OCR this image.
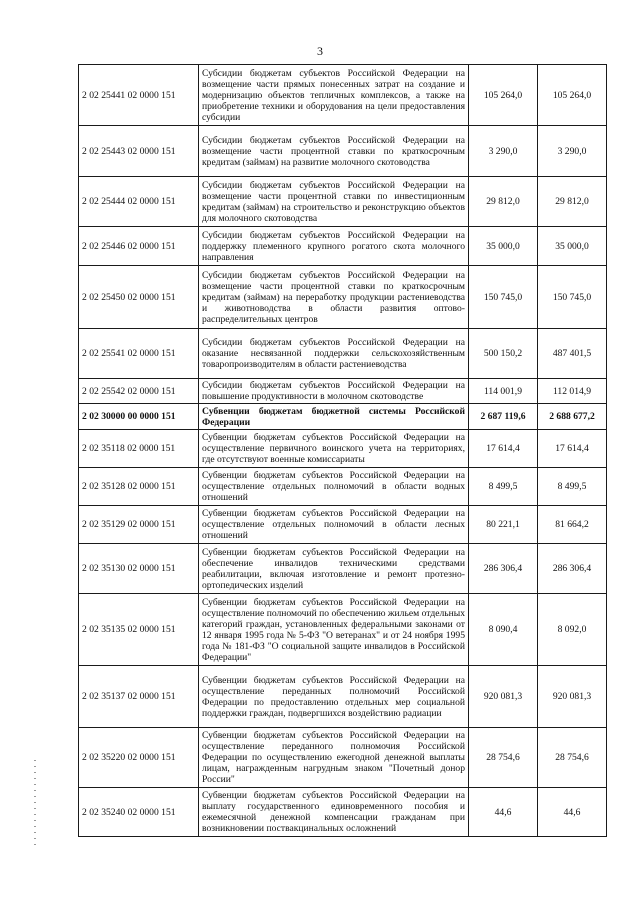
3
2 02 25441 02 0000 151	Субсидии бюджетам субъектов Российской Федерации на возмещение части прямых понесенных затрат на создание и модернизацию объектов тепличных комплексов, а также на приобретение техники и оборудования на цели предоставления субсидии	105 264,0	105 264,0
2 02 25443 02 0000 151	Субсидии бюджетам субъектов Российской Федерации на возмещение части процентной ставки по краткосрочным кредитам (займам) на развитие молочного скотоводства	3 290,0	3 290,0
2 02 25444 02 0000 151	Субсидии бюджетам субъектов Российской Федерации на возмещение части процентной ставки по инвестиционным кредитам (займам) на строительство и реконструкцию объектов для молочного скотоводства	29 812,0	29 812,0
2 02 25446 02 0000 151	Субсидии бюджетам субъектов Российской Федерации на поддержку племенного крупного рогатого скота молочного направления	35 000,0	35 000,0
2 02 25450 02 0000 151	Субсидии бюджетам субъектов Российской Федерации на возмещение части процентной ставки по краткосрочным кредитам (займам) на переработку продукции растениеводства и животноводства в области развития оптово-распределительных центров	150 745,0	150 745,0
2 02 25541 02 0000 151	Субсидии бюджетам субъектов Российской Федерации на оказание несвязанной поддержки сельскохозяйственным товаропроизводителям в области растениеводства	500 150,2	487 401,5
2 02 25542 02 0000 151	Субсидии бюджетам субъектов Российской Федерации на повышение продуктивности в молочном скотоводстве	114 001,9	112 014,9
2 02 30000 00 0000 151	Субвенции бюджетам бюджетной системы Российской Федерации	2 687 119,6	2 688 677,2
2 02 35118 02 0000 151	Субвенции бюджетам субъектов Российской Федерации на осуществление первичного воинского учета на территориях, где отсутствуют военные комиссариаты	17 614,4	17 614,4
2 02 35128 02 0000 151	Субвенции бюджетам субъектов Российской Федерации на осуществление отдельных полномочий в области водных отношений	8 499,5	8 499,5
2 02 35129 02 0000 151	Субвенции бюджетам субъектов Российской Федерации на осуществление отдельных полномочий в области лесных отношений	80 221,1	81 664,2
2 02 35130 02 0000 151	Субвенции бюджетам субъектов Российской Федерации на обеспечение инвалидов техническими средствами реабилитации, включая изготовление и ремонт протезно-ортопедических изделий	286 306,4	286 306,4
2 02 35135 02 0000 151	Субвенции бюджетам субъектов Российской Федерации на осуществление полномочий по обеспечению жильем отдельных категорий граждан, установленных федеральными законами от 12 января 1995 года № 5-ФЗ "О ветеранах" и от 24 ноября 1995 года № 181-ФЗ "О социальной защите инвалидов в Российской Федерации"	8 090,4	8 092,0
2 02 35137 02 0000 151	Субвенции бюджетам субъектов Российской Федерации на осуществление переданных полномочий Российской Федерации по предоставлению отдельных мер социальной поддержки граждан, подвергшихся воздействию радиации	920 081,3	920 081,3
2 02 35220 02 0000 151	Субвенции бюджетам субъектов Российской Федерации на осуществление переданного полномочия Российской Федерации по осуществлению ежегодной денежной выплаты лицам, награжденным нагрудным знаком "Почетный донор России"	28 754,6	28 754,6
2 02 35240 02 0000 151	Субвенции бюджетам субъектов Российской Федерации на выплату государственного единовременного пособия и ежемесячной денежной компенсации гражданам при возникновении поствакцинальных осложнений	44,6	44,6
